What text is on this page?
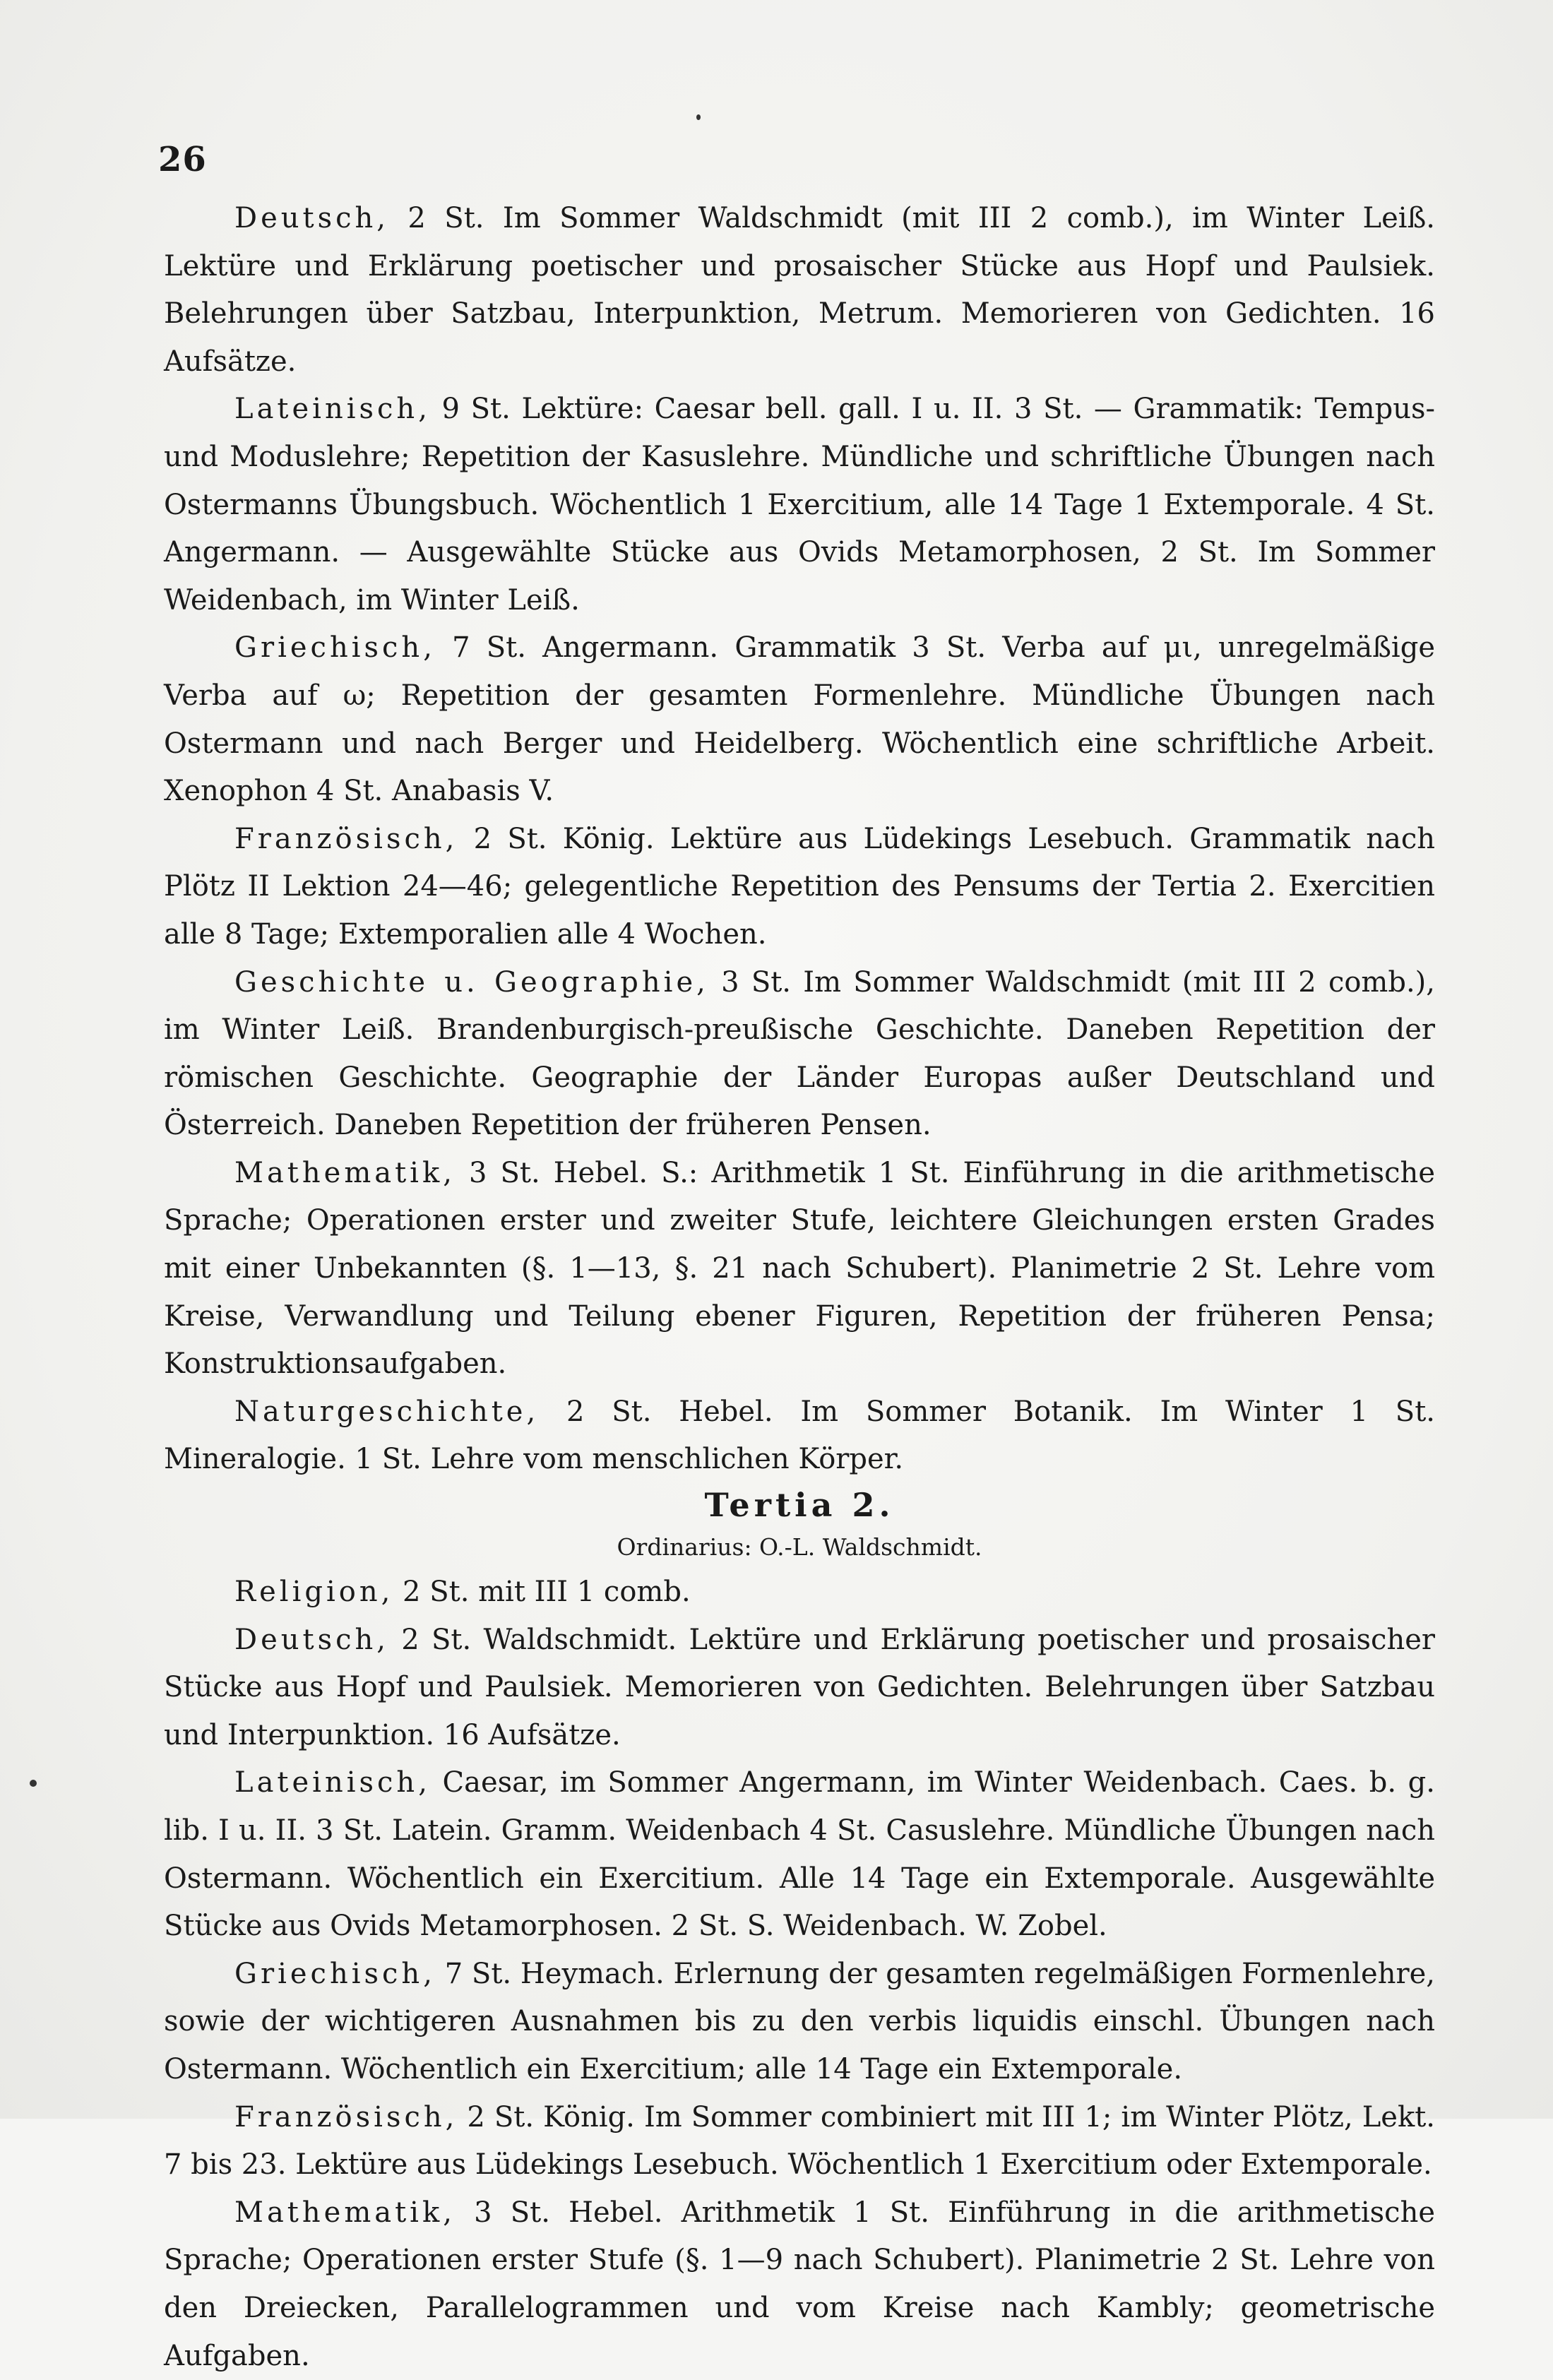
26

Deutsch, 2 St. Im Sommer Waldschmidt (mit III 2 comb.), im Winter Leiß. Lektüre und Erklärung poetischer und prosaischer Stücke aus Hopf und Paulsiek. Belehrungen über Satzbau, Interpunktion, Metrum. Memorieren von Gedichten. 16 Aufsätze.

Lateinisch, 9 St. Lektüre: Caesar bell. gall. I u. II. 3 St. — Grammatik: Tempus- und Moduslehre; Repetition der Kasuslehre. Mündliche und schriftliche Übungen nach Ostermanns Übungsbuch. Wöchentlich 1 Exercitium, alle 14 Tage 1 Extemporale. 4 St. Angermann. — Ausgewählte Stücke aus Ovids Metamorphosen, 2 St. Im Sommer Weidenbach, im Winter Leiß.

Griechisch, 7 St. Angermann. Grammatik 3 St. Verba auf μι, unregelmäßige Verba auf ω; Repetition der gesamten Formenlehre. Mündliche Übungen nach Ostermann und nach Berger und Heidelberg. Wöchentlich eine schriftliche Arbeit. Xenophon 4 St. Anabasis V.

Französisch, 2 St. König. Lektüre aus Lüdekings Lesebuch. Grammatik nach Plötz II Lektion 24—46; gelegentliche Repetition des Pensums der Tertia 2. Exercitien alle 8 Tage; Extemporalien alle 4 Wochen.

Geschichte u. Geographie, 3 St. Im Sommer Waldschmidt (mit III 2 comb.), im Winter Leiß. Brandenburgisch-preußische Geschichte. Daneben Repetition der römischen Geschichte. Geographie der Länder Europas außer Deutschland und Österreich. Daneben Repetition der früheren Pensen.

Mathematik, 3 St. Hebel. S.: Arithmetik 1 St. Einführung in die arithmetische Sprache; Operationen erster und zweiter Stufe, leichtere Gleichungen ersten Grades mit einer Unbekannten (§. 1—13, §. 21 nach Schubert). Planimetrie 2 St. Lehre vom Kreise, Verwandlung und Teilung ebener Figuren, Repetition der früheren Pensa; Konstruktionsaufgaben.

Naturgeschichte, 2 St. Hebel. Im Sommer Botanik. Im Winter 1 St. Mineralogie. 1 St. Lehre vom menschlichen Körper.

Tertia 2.

Ordinarius: O.-L. Waldschmidt.

Religion, 2 St. mit III 1 comb.

Deutsch, 2 St. Waldschmidt. Lektüre und Erklärung poetischer und prosaischer Stücke aus Hopf und Paulsiek. Memorieren von Gedichten. Belehrungen über Satzbau und Interpunktion. 16 Aufsätze.

Lateinisch, Caesar, im Sommer Angermann, im Winter Weidenbach. Caes. b. g. lib. I u. II. 3 St. Latein. Gramm. Weidenbach 4 St. Casuslehre. Mündliche Übungen nach Ostermann. Wöchentlich ein Exercitium. Alle 14 Tage ein Extemporale. Ausgewählte Stücke aus Ovids Metamorphosen. 2 St. S. Weidenbach. W. Zobel.

Griechisch, 7 St. Heymach. Erlernung der gesamten regelmäßigen Formenlehre, sowie der wichtigeren Ausnahmen bis zu den verbis liquidis einschl. Übungen nach Ostermann. Wöchentlich ein Exercitium; alle 14 Tage ein Extemporale.

Französisch, 2 St. König. Im Sommer combiniert mit III 1; im Winter Plötz, Lekt. 7 bis 23. Lektüre aus Lüdekings Lesebuch. Wöchentlich 1 Exercitium oder Extemporale.

Mathematik, 3 St. Hebel. Arithmetik 1 St. Einführung in die arithmetische Sprache; Operationen erster Stufe (§. 1—9 nach Schubert). Planimetrie 2 St. Lehre von den Dreiecken, Parallelogrammen und vom Kreise nach Kambly; geometrische Aufgaben.
